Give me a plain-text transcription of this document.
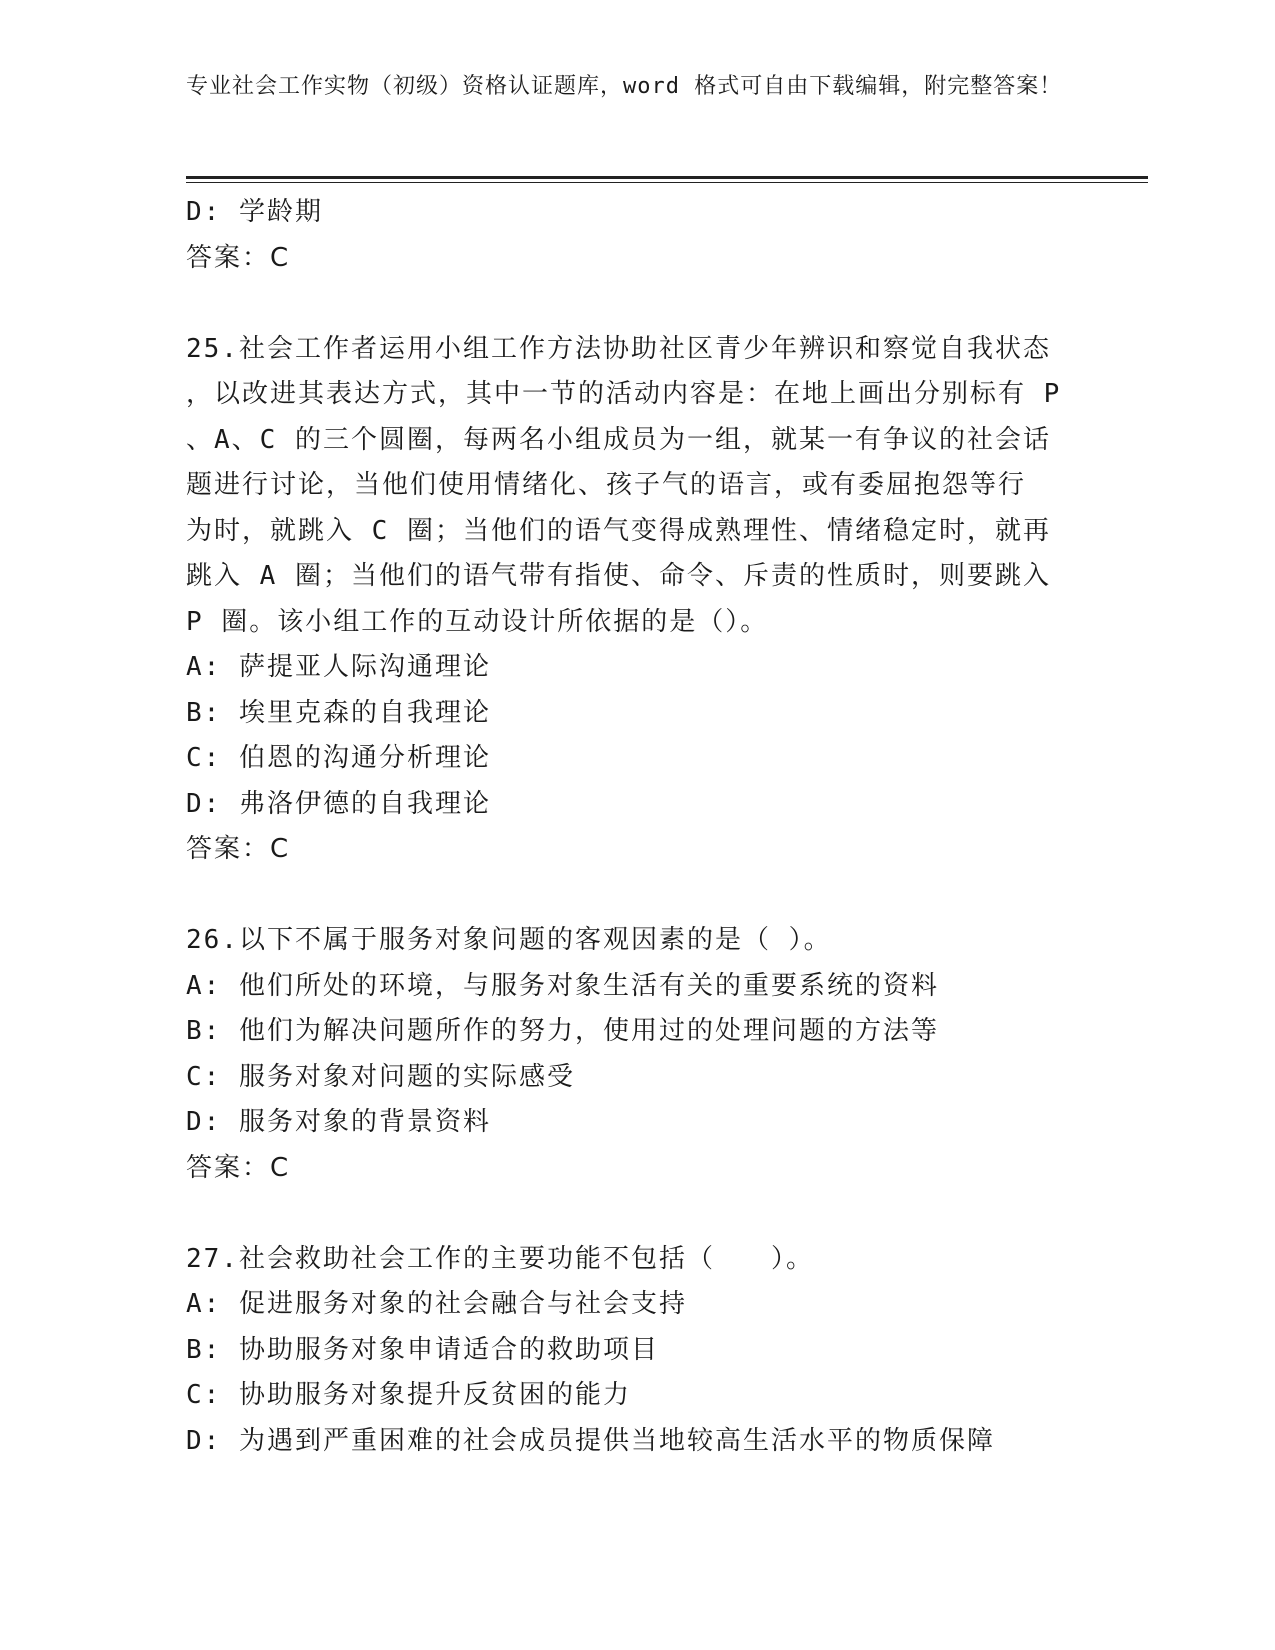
专业社会工作实物（初级）资格认证题库，word 格式可自由下载编辑，附完整答案！
D: 学龄期
答案：C
25.社会工作者运用小组工作方法协助社区青少年辨识和察觉自我状态
，以改进其表达方式，其中一节的活动内容是：在地上画出分别标有 P
、A、C 的三个圆圈，每两名小组成员为一组，就某一有争议的社会话
题进行讨论，当他们使用情绪化、孩子气的语言，或有委屈抱怨等行
为时，就跳入 C 圈；当他们的语气变得成熟理性、情绪稳定时，就再
跳入 A 圈；当他们的语气带有指使、命令、斥责的性质时，则要跳入
P 圈。该小组工作的互动设计所依据的是（）。
A: 萨提亚人际沟通理论
B: 埃里克森的自我理论
C: 伯恩的沟通分析理论
D: 弗洛伊德的自我理论
答案：C
26.以下不属于服务对象问题的客观因素的是（ ）。
A: 他们所处的环境，与服务对象生活有关的重要系统的资料
B: 他们为解决问题所作的努力，使用过的处理问题的方法等
C: 服务对象对问题的实际感受
D: 服务对象的背景资料
答案：C
27.社会救助社会工作的主要功能不包括（　　）。
A: 促进服务对象的社会融合与社会支持
B: 协助服务对象申请适合的救助项目
C: 协助服务对象提升反贫困的能力
D: 为遇到严重困难的社会成员提供当地较高生活水平的物质保障
